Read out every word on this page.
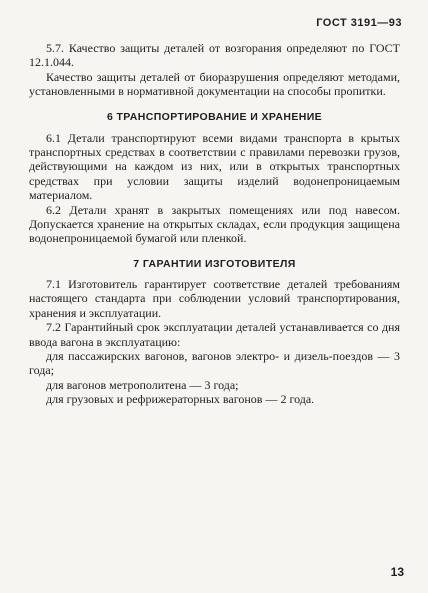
ГОСТ 3191—93

5.7. Качество защиты деталей от возгорания определяют по ГОСТ 12.1.044.

Качество защиты деталей от биоразрушения определяют методами, установленными в нормативной документации на способы пропитки.

6 ТРАНСПОРТИРОВАНИЕ И ХРАНЕНИЕ

6.1 Детали транспортируют всеми видами транспорта в крытых транспортных средствах в соответствии с правилами перевозки грузов, действующими на каждом из них, или в открытых транспортных средствах при условии защиты изделий водонепроницаемым материалом.

6.2 Детали хранят в закрытых помещениях или под навесом. Допускается хранение на открытых складах, если продукция защищена водонепроницаемой бумагой или пленкой.

7 ГАРАНТИИ ИЗГОТОВИТЕЛЯ

7.1 Изготовитель гарантирует соответствие деталей требованиям настоящего стандарта при соблюдении условий транспортирования, хранения и эксплуатации.

7.2 Гарантийный срок эксплуатации деталей устанавливается со дня ввода вагона в эксплуатацию:

для пассажирских вагонов, вагонов электро- и дизель-поездов — 3 года;

для вагонов метрополитена — 3 года;

для грузовых и рефрижераторных вагонов — 2 года.

13
